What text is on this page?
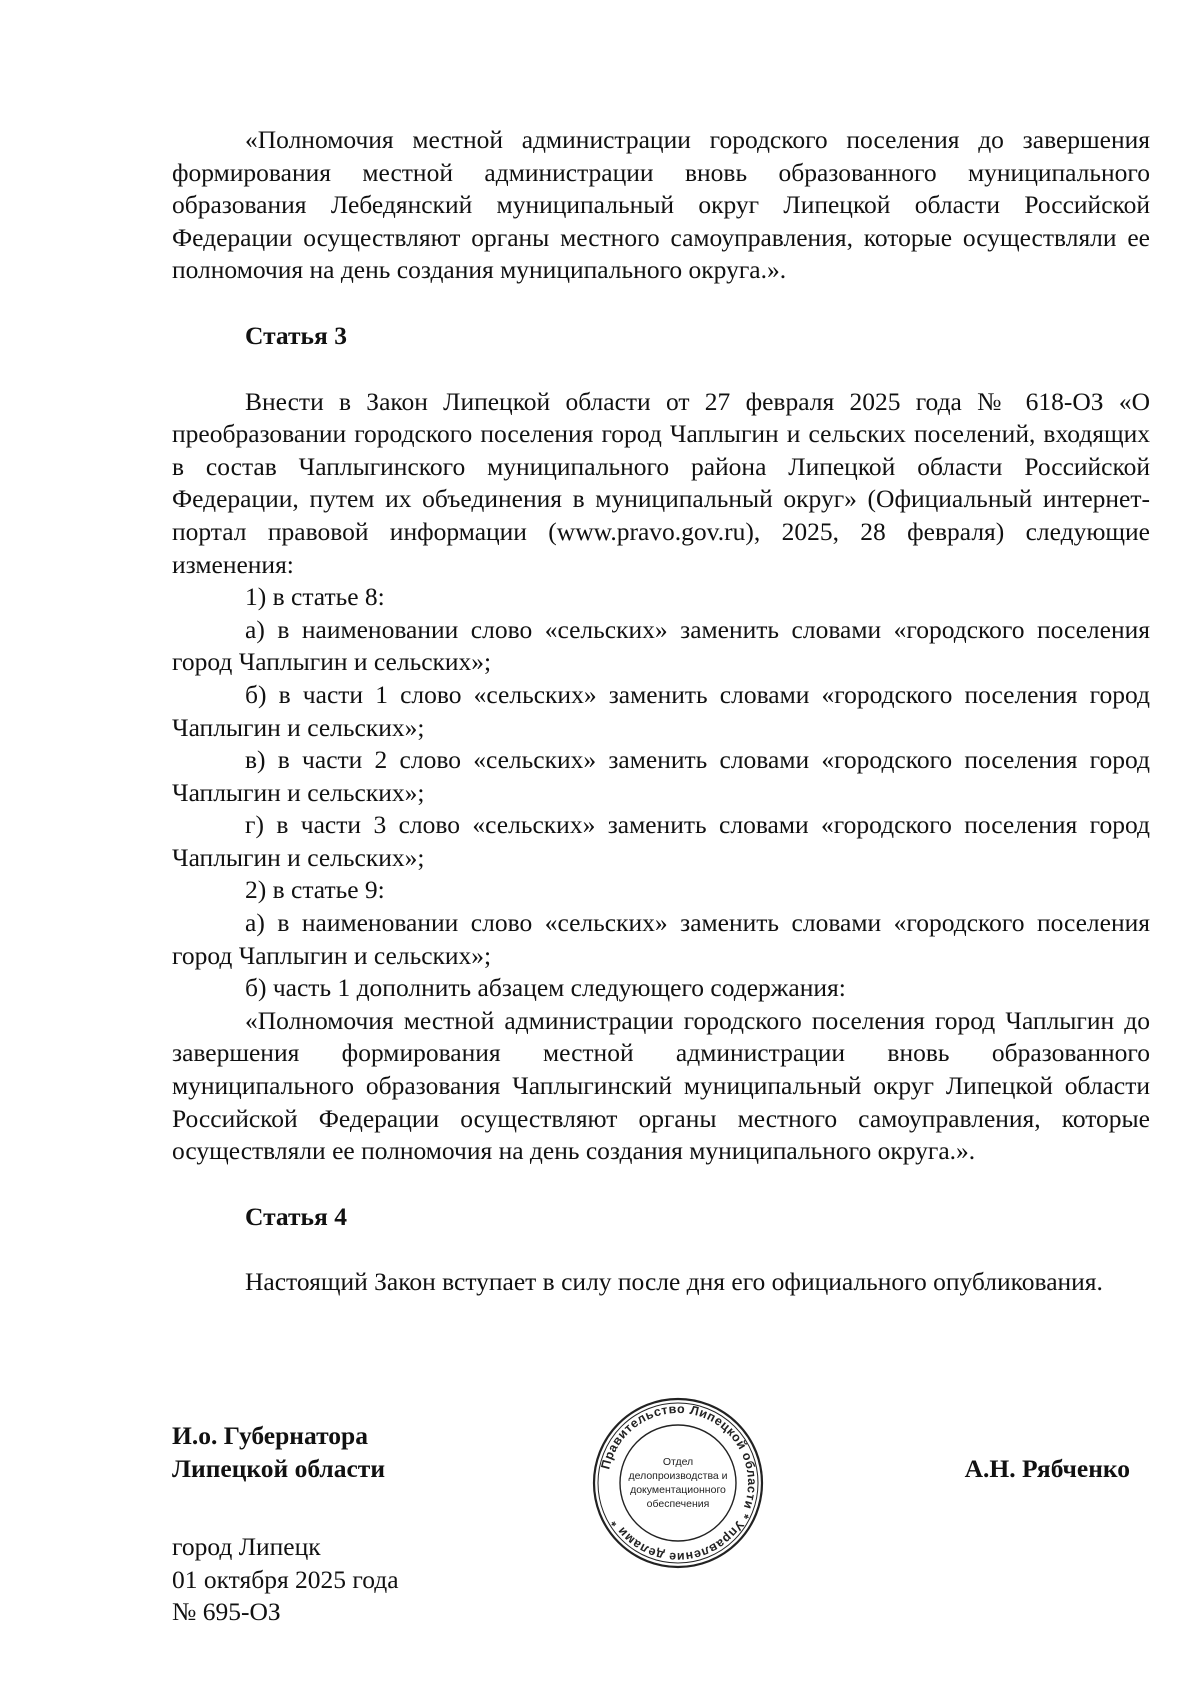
«Полномочия местной администрации городского поселения до завершения формирования местной администрации вновь образованного муниципального образования Лебедянский муниципальный округ Липецкой области Российской Федерации осуществляют органы местного самоуправления, которые осуществляли ее полномочия на день создания муниципального округа.».

Статья 3

Внести в Закон Липецкой области от 27 февраля 2025 года № 618-ОЗ «О преобразовании городского поселения город Чаплыгин и сельских поселений, входящих в состав Чаплыгинского муниципального района Липецкой области Российской Федерации, путем их объединения в муниципальный округ» (Официальный интернет-портал правовой информации (www.pravo.gov.ru), 2025, 28 февраля) следующие изменения:

1) в статье 8:

а) в наименовании слово «сельских» заменить словами «городского поселения город Чаплыгин и сельских»;

б) в части 1 слово «сельских» заменить словами «городского поселения город Чаплыгин и сельских»;

в) в части 2 слово «сельских» заменить словами «городского поселения город Чаплыгин и сельских»;

г) в части 3 слово «сельских» заменить словами «городского поселения город Чаплыгин и сельских»;

2) в статье 9:

а) в наименовании слово «сельских» заменить словами «городского поселения город Чаплыгин и сельских»;

б) часть 1 дополнить абзацем следующего содержания:

«Полномочия местной администрации городского поселения город Чаплыгин до завершения формирования местной администрации вновь образованного муниципального образования Чаплыгинский муниципальный округ Липецкой области Российской Федерации осуществляют органы местного самоуправления, которые осуществляли ее полномочия на день создания муниципального округа.».

Статья 4

Настоящий Закон вступает в силу после дня его официального опубликования.

И.о. Губернатора
Липецкой области	А.Н. Рябченко
город Липецк
01 октября 2025 года
№ 695-ОЗ
Правительство Липецкой области * Управление делами *
Отдел
делопроизводства и
документационного
обеспечения
